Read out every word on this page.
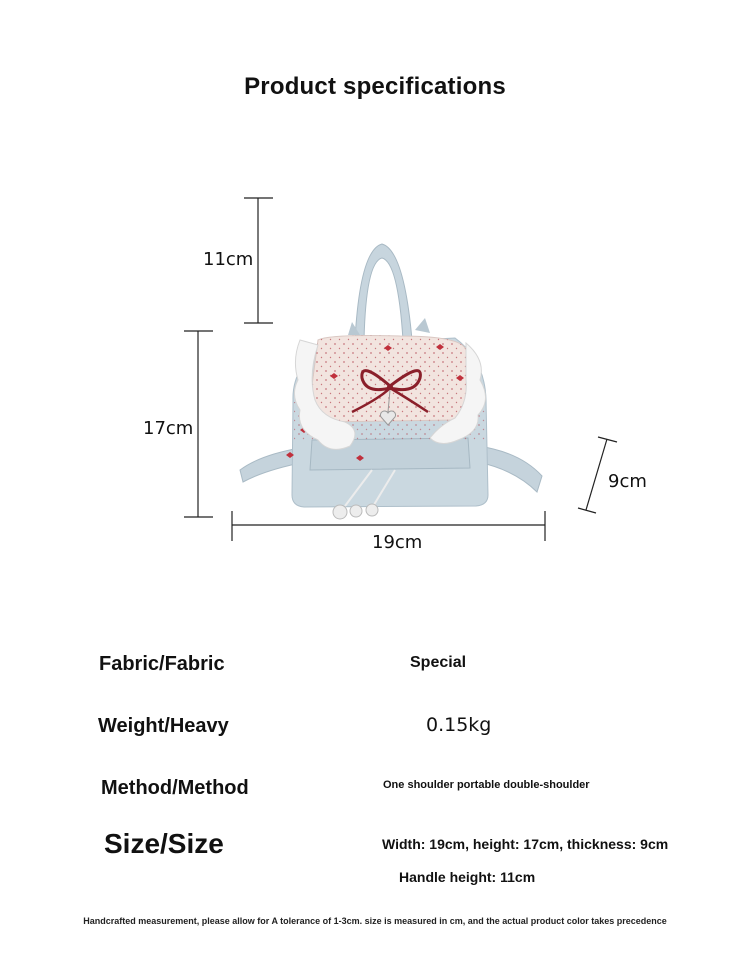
Product specifications
11cm
17cm
19cm
9cm
Fabric/Fabric	Special
Weight/Heavy	0.15kg
Method/Method	One shoulder portable double-shoulder
Size/Size	Width: 19cm, height: 17cm, thickness: 9cm
Handle height: 11cm
Handcrafted measurement, please allow for A tolerance of 1-3cm. size is measured in cm, and the actual product color takes precedence
